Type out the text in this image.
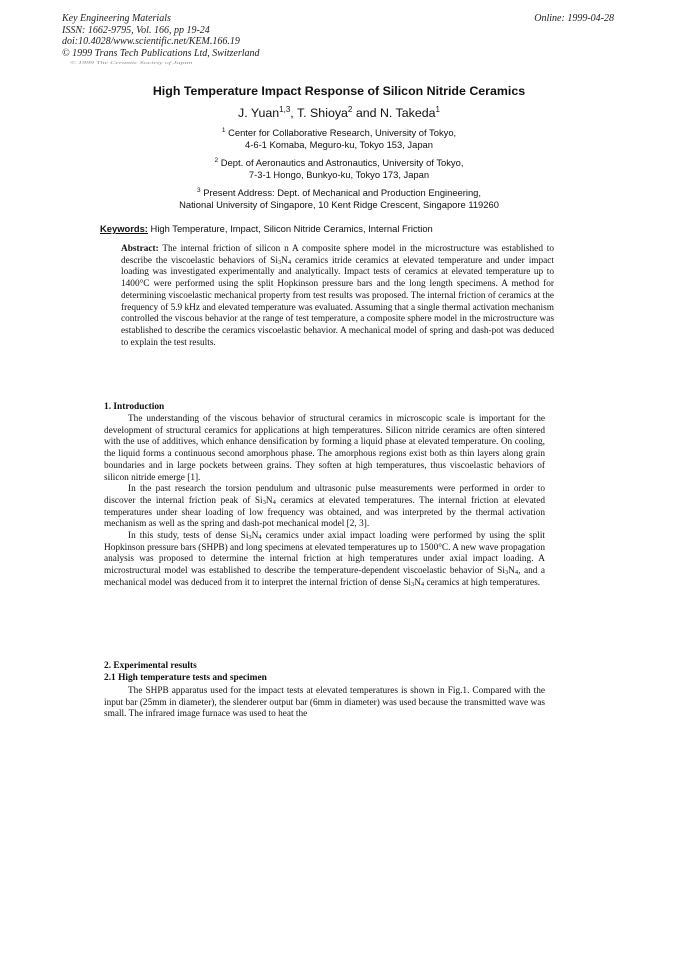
Key Engineering Materials
ISSN: 1662-9795, Vol. 166, pp 19-24
doi:10.4028/www.scientific.net/KEM.166.19
© 1999 Trans Tech Publications Ltd, Switzerland
Online: 1999-04-28
© 1999 The Ceramic Society of Japan
High Temperature Impact Response of Silicon Nitride Ceramics
J. Yuan$^{1,3}$, T. Shioya$^2$ and N. Takeda$^1$
$^1$ Center for Collaborative Research, University of Tokyo,
4-6-1 Komaba, Meguro-ku, Tokyo 153, Japan
$^2$ Dept. of Aeronautics and Astronautics, University of Tokyo,
7-3-1 Hongo, Bunkyo-ku, Tokyo 173, Japan
$^3$ Present Address: Dept. of Mechanical and Production Engineering,
National University of Singapore, 10 Kent Ridge Crescent, Singapore 119260
Keywords: High Temperature, Impact, Silicon Nitride Ceramics, Internal Friction
Abstract: The internal friction of silicon n A composite sphere model in the microstructure was established to describe the viscoelastic behaviors of $Si_3N_4$ ceramics itride ceramics at elevated temperature and under impact loading was investigated experimentally and analytically. Impact tests of ceramics at elevated temperature up to 1400°C were performed using the split Hopkinson pressure bars and the long length specimens. A method for determining viscoelastic mechanical property from test results was proposed. The internal friction of ceramics at the frequency of 5.9 kHz and elevated temperature was evaluated. Assuming that a single thermal activation mechanism controlled the viscous behavior at the range of test temperature, a composite sphere model in the microstructure was established to describe the ceramics viscoelastic behavior. A mechanical model of spring and dash-pot was deduced to explain the test results.
1. Introduction

The understanding of the viscous behavior of structural ceramics in microscopic scale is important for the development of structural ceramics for applications at high temperatures. Silicon nitride ceramics are often sintered with the use of additives, which enhance densification by forming a liquid phase at elevated temperature. On cooling, the liquid forms a continuous second amorphous phase. The amorphous regions exist both as thin layers along grain boundaries and in large pockets between grains. They soften at high temperatures, thus viscoelastic behaviors of silicon nitride emerge [1].

In the past research the torsion pendulum and ultrasonic pulse measurements were performed in order to discover the internal friction peak of $Si_3N_4$ ceramics at elevated temperatures. The internal friction at elevated temperatures under shear loading of low frequency was obtained, and was interpreted by the thermal activation mechanism as well as the spring and dash-pot mechanical model [2, 3].

In this study, tests of dense $Si_3N_4$ ceramics under axial impact loading were performed by using the split Hopkinson pressure bars (SHPB) and long specimens at elevated temperatures up to 1500°C. A new wave propagation analysis was proposed to determine the internal friction at high temperatures under axial impact loading. A microstructural model was established to describe the temperature-dependent viscoelastic behavior of $Si_3N_4$, and a mechanical model was deduced from it to interpret the internal friction of dense $Si_3N_4$ ceramics at high temperatures.

2. Experimental results
2.1 High temperature tests and specimen

The SHPB apparatus used for the impact tests at elevated temperatures is shown in Fig.1. Compared with the input bar (25mm in diameter), the slenderer output bar (6mm in diameter) was used because the transmitted wave was small. The infrared image furnace was used to heat the
